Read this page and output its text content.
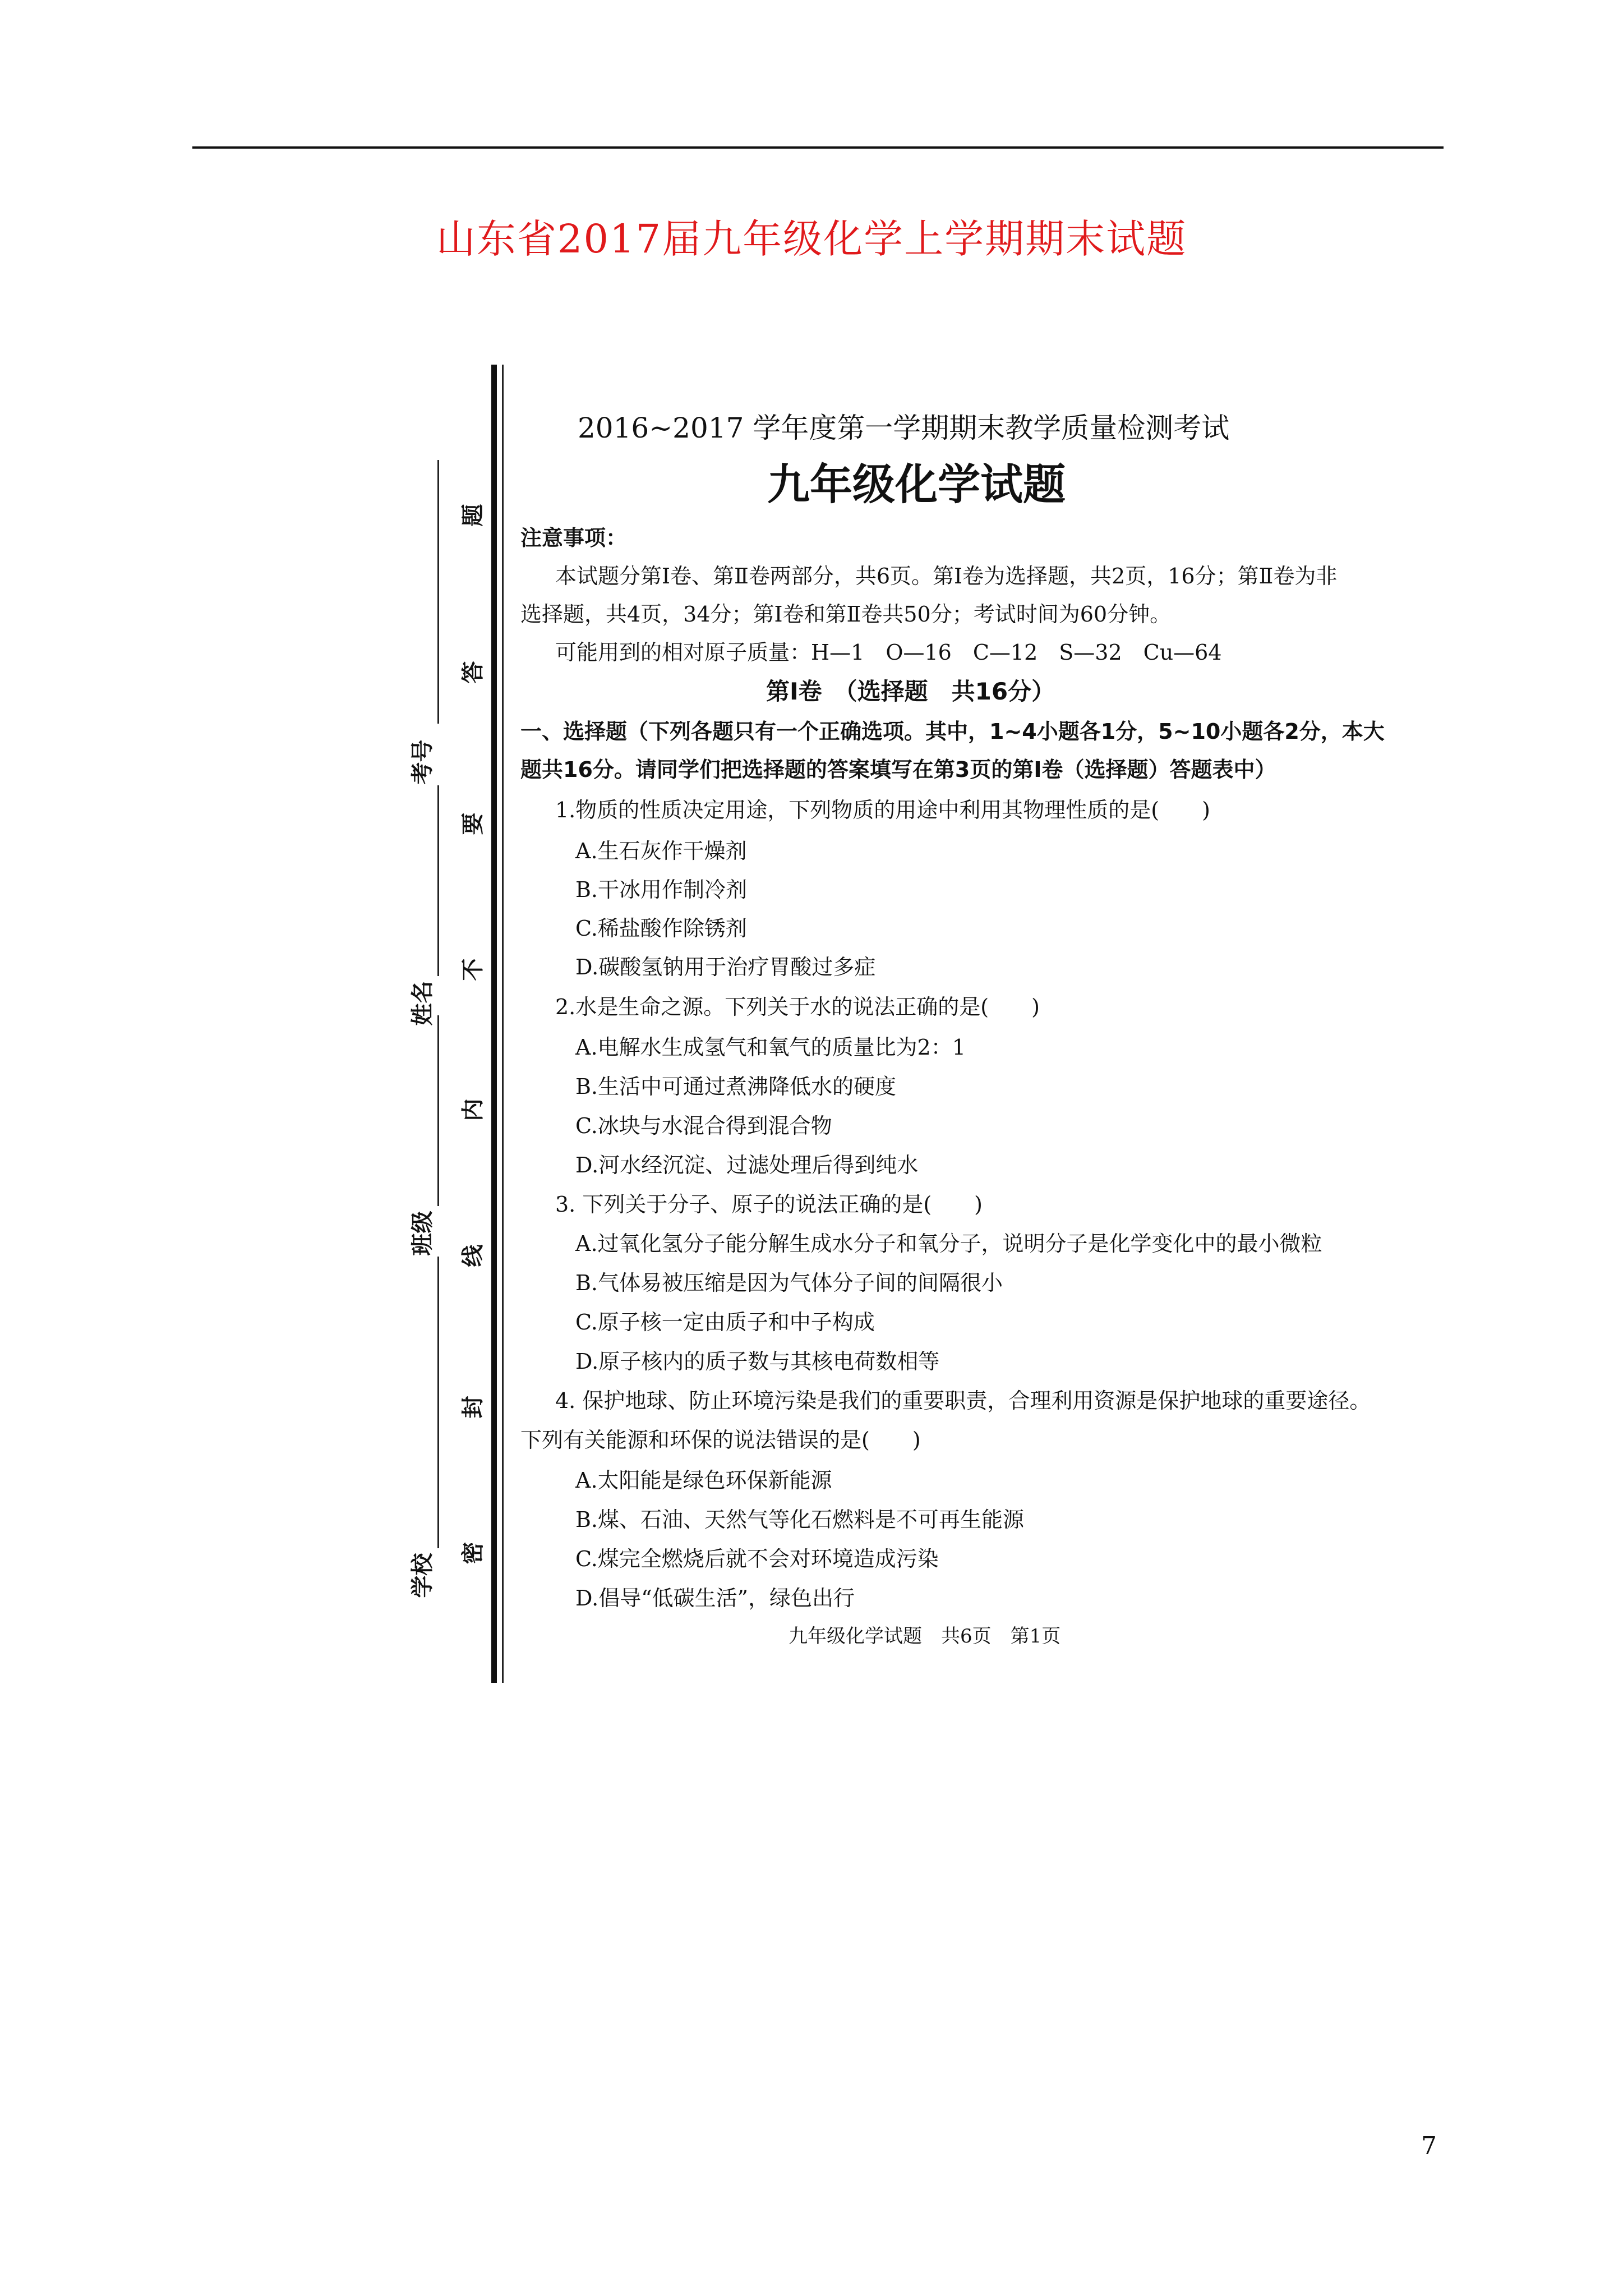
山东省2017届九年级化学上学期期末试题
考号
姓名
班级
学校
题
答
要
不
内
线
封
密
2016~2017 学年度第一学期期末教学质量检测考试
九年级化学试题
注意事项：
本试题分第Ⅰ卷、第Ⅱ卷两部分，共6页。第Ⅰ卷为选择题，共2页，16分；第Ⅱ卷为非
选择题，共4页，34分；第Ⅰ卷和第Ⅱ卷共50分；考试时间为60分钟。
可能用到的相对原子质量：H—1　O—16　C—12　S—32　Cu—64
第Ⅰ卷　（选择题　共16分）
一、选择题（下列各题只有一个正确选项。其中，1~4小题各1分，5~10小题各2分，本大
题共16分。请同学们把选择题的答案填写在第3页的第Ⅰ卷（选择题）答题表中）
1.物质的性质决定用途，下列物质的用途中利用其物理性质的是(　　)
A.生石灰作干燥剂
B.干冰用作制冷剂
C.稀盐酸作除锈剂
D.碳酸氢钠用于治疗胃酸过多症
2.水是生命之源。下列关于水的说法正确的是(　　)
A.电解水生成氢气和氧气的质量比为2：1
B.生活中可通过煮沸降低水的硬度
C.冰块与水混合得到混合物
D.河水经沉淀、过滤处理后得到纯水
3. 下列关于分子、原子的说法正确的是(　　)
A.过氧化氢分子能分解生成水分子和氧分子，说明分子是化学变化中的最小微粒
B.气体易被压缩是因为气体分子间的间隔很小
C.原子核一定由质子和中子构成
D.原子核内的质子数与其核电荷数相等
4. 保护地球、防止环境污染是我们的重要职责，合理利用资源是保护地球的重要途径。
下列有关能源和环保的说法错误的是(　　)
A.太阳能是绿色环保新能源
B.煤、石油、天然气等化石燃料是不可再生能源
C.煤完全燃烧后就不会对环境造成污染
D.倡导“低碳生活”，绿色出行
九年级化学试题　共6页　第1页
7
